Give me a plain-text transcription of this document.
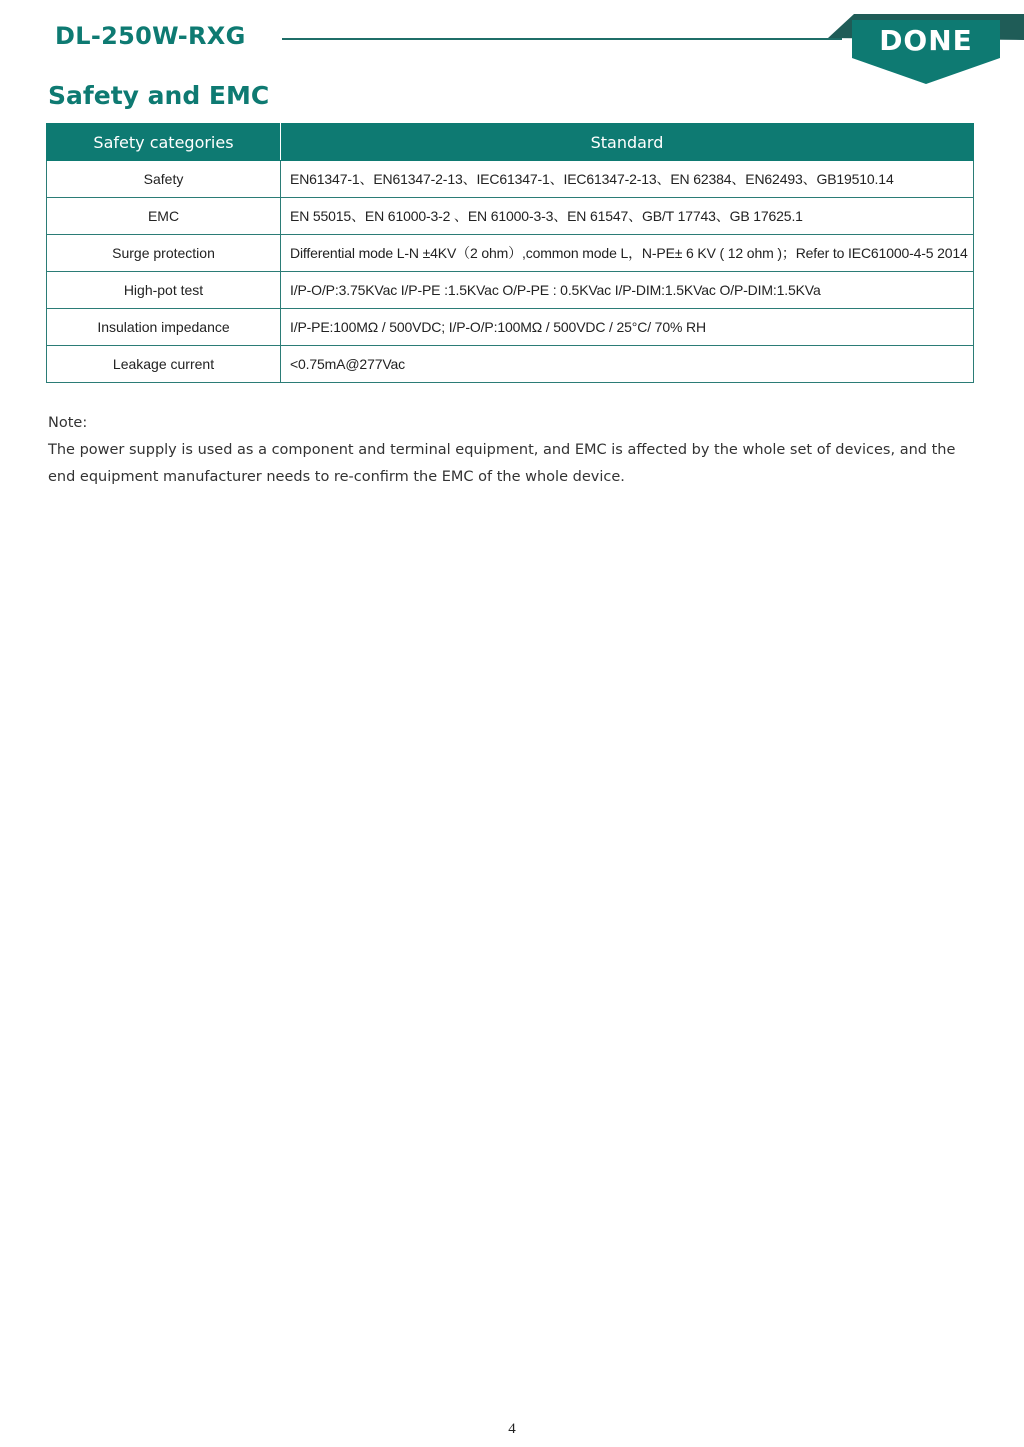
DL-250W-RXG	DONE
Safety and EMC
Safety categories	Standard
Safety	EN61347-1、EN61347-2-13、IEC61347-1、IEC61347-2-13、EN 62384、EN62493、GB19510.14
EMC	EN 55015、EN 61000-3-2 、EN 61000-3-3、EN 61547、GB/T 17743、GB 17625.1
Surge protection	Differential mode L-N ±4KV（2 ohm）,common mode L，N-PE± 6 KV ( 12 ohm )；Refer to IEC61000-4-5 2014
High-pot test	I/P-O/P:3.75KVac I/P-PE :1.5KVac O/P-PE : 0.5KVac I/P-DIM:1.5KVac O/P-DIM:1.5KVa
Insulation impedance	I/P-PE:100MΩ / 500VDC; I/P-O/P:100MΩ / 500VDC / 25°C/ 70% RH
Leakage current	<0.75mA@277Vac
Note:
The power supply is used as a component and terminal equipment, and EMC is affected by the whole set of devices, and the end equipment manufacturer needs to re-confirm the EMC of the whole device.
4
